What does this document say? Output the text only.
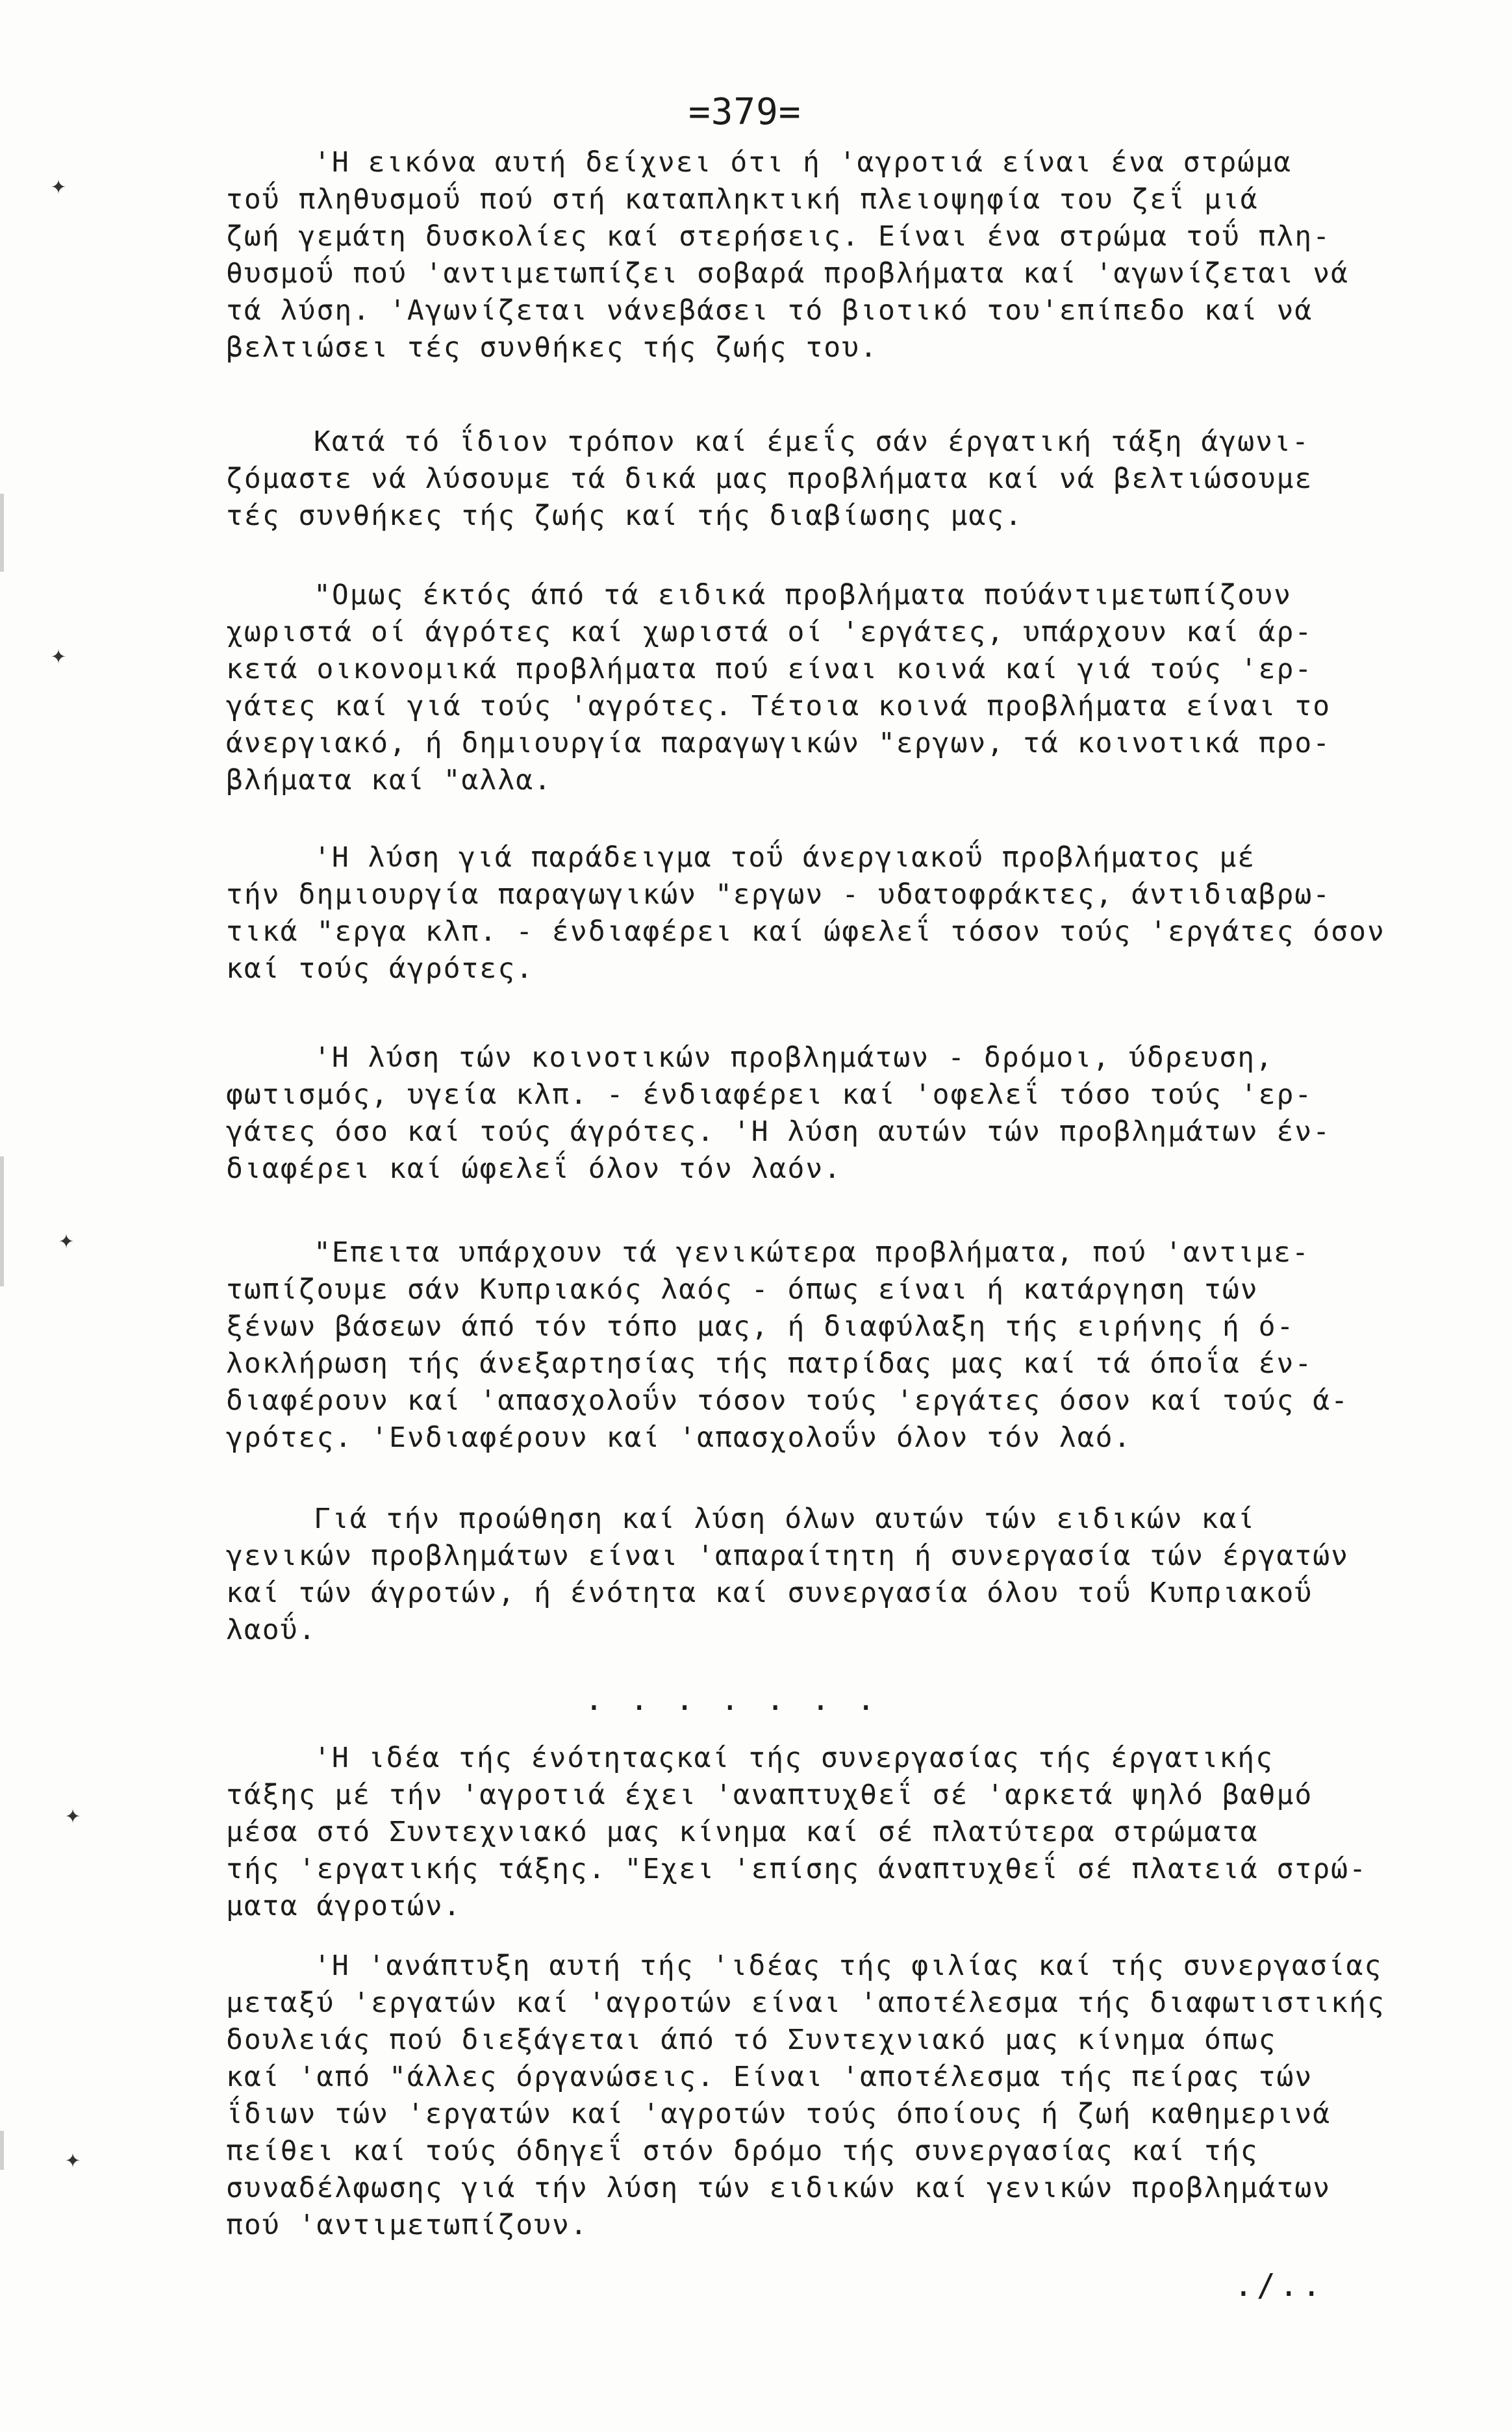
✦
✦
✦
✦
✦
=379=

'Η εικόνα αυτή δείχνει ότι ή 'αγροτιά είναι ένα στρώμα
τοΰ πληθυσμοΰ πού στή καταπληκτική πλειοψηφία του ζεΐ μιά
ζωή γεμάτη δυσκολίες καί στερήσεις. Είναι ένα στρώμα τοΰ πλη-
θυσμοΰ πού 'αντιμετωπίζει σοβαρά προβλήματα καί 'αγωνίζεται νά
τά λύση. 'Αγωνίζεται νάνεβάσει τό βιοτικό του'επίπεδο καί νά
βελτιώσει τές συνθήκες τής ζωής του.

Κατά τό ΐδιον τρόπον καί έμεΐς σάν έργατική τάξη άγωνι-
ζόμαστε νά λύσουμε τά δικά μας προβλήματα καί νά βελτιώσουμε
τές συνθήκες τής ζωής καί τής διαβίωσης μας.

"Ομως έκτός άπό τά ειδικά προβλήματα πούάντιμετωπίζουν
χωριστά οί άγρότες καί χωριστά οί 'εργάτες, υπάρχουν καί άρ-
κετά οικονομικά προβλήματα πού είναι κοινά καί γιά τούς 'ερ-
γάτες καί γιά τούς 'αγρότες. Τέτοια κοινά προβλήματα είναι το
άνεργιακό, ή δημιουργία παραγωγικών "εργων, τά κοινοτικά προ-
βλήματα καί "αλλα.

'Η λύση γιά παράδειγμα τοΰ άνεργιακοΰ προβλήματος μέ
τήν δημιουργία παραγωγικών "εργων - υδατοφράκτες, άντιδιαβρω-
τικά "εργα κλπ. - ένδιαφέρει καί ώφελεΐ τόσον τούς 'εργάτες όσον
καί τούς άγρότες.

'Η λύση τών κοινοτικών προβλημάτων - δρόμοι, ύδρευση,
φωτισμός, υγεία κλπ. - ένδιαφέρει καί 'οφελεΐ τόσο τούς 'ερ-
γάτες όσο καί τούς άγρότες. 'Η λύση αυτών τών προβλημάτων έν-
διαφέρει καί ώφελεΐ όλον τόν λαόν.

"Επειτα υπάρχουν τά γενικώτερα προβλήματα, πού 'αντιμε-
τωπίζουμε σάν Κυπριακός λαός - όπως είναι ή κατάργηση τών
ξένων βάσεων άπό τόν τόπο μας, ή διαφύλαξη τής ειρήνης ή ό-
λοκλήρωση τής άνεξαρτησίας τής πατρίδας μας καί τά όποΐα έν-
διαφέρουν καί 'απασχολοΰν τόσον τούς 'εργάτες όσον καί τούς ά-
γρότες. 'Ενδιαφέρουν καί 'απασχολοΰν όλον τόν λαό.

Γιά τήν προώθηση καί λύση όλων αυτών τών ειδικών καί
γενικών προβλημάτων είναι 'απαραίτητη ή συνεργασία τών έργατών
καί τών άγροτών, ή ένότητα καί συνεργασία όλου τοΰ Κυπριακοΰ
λαοΰ.

. . . . . . .

'Η ιδέα τής ένότηταςκαί τής συνεργασίας τής έργατικής
τάξης μέ τήν 'αγροτιά έχει 'αναπτυχθεΐ σέ 'αρκετά ψηλό βαθμό
μέσα στό Συντεχνιακό μας κίνημα καί σέ πλατύτερα στρώματα
τής 'εργατικής τάξης. "Εχει 'επίσης άναπτυχθεΐ σέ πλατειά στρώ-
ματα άγροτών.

'Η 'ανάπτυξη αυτή τής 'ιδέας τής φιλίας καί τής συνεργασίας
μεταξύ 'εργατών καί 'αγροτών είναι 'αποτέλεσμα τής διαφωτιστικής
δουλειάς πού διεξάγεται άπό τό Συντεχνιακό μας κίνημα όπως
καί 'από "άλλες όργανώσεις. Είναι 'αποτέλεσμα τής πείρας τών
ΐδιων τών 'εργατών καί 'αγροτών τούς όποίους ή ζωή καθημερινά
πείθει καί τούς όδηγεΐ στόν δρόμο τής συνεργασίας καί τής
συναδέλφωσης γιά τήν λύση τών ειδικών καί γενικών προβλημάτων
πού 'αντιμετωπίζουν.

./..
